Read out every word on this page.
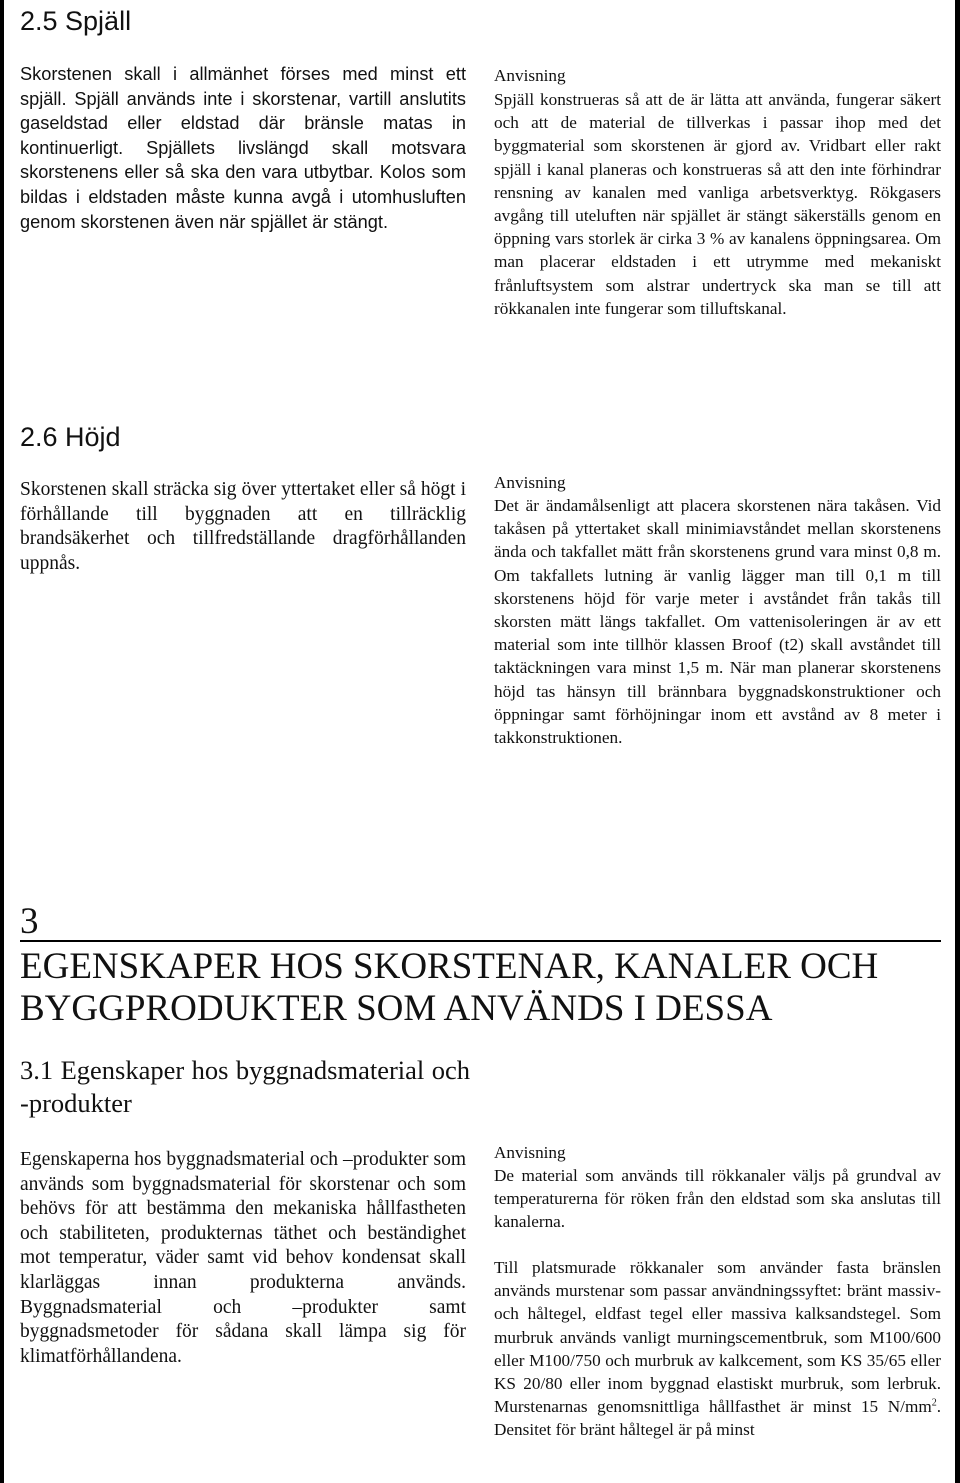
2.5 Spjäll

Skorstenen skall i allmänhet förses med minst ett spjäll. Spjäll används inte i skorstenar, vartill anslutits gaseldstad eller eldstad där bränsle matas in kontinuerligt. Spjällets livslängd skall motsvara skorstenens eller så ska den vara utbytbar. Kolos som bildas i eldstaden måste kunna avgå i utomhusluften genom skorstenen även när spjället är stängt.

Anvisning

Spjäll konstrueras så att de är lätta att använda, fungerar säkert och att de material de tillverkas i passar ihop med det byggmaterial som skorstenen är gjord av. Vridbart eller rakt spjäll i kanal planeras och konstrueras så att den inte förhindrar rensning av kanalen med vanliga arbetsverktyg. Rökgasers avgång till uteluften när spjället är stängt säkerställs genom en öppning vars storlek är cirka 3 % av kanalens öppningsarea. Om man placerar eldstaden i ett utrymme med mekaniskt frånluftsystem som alstrar undertryck ska man se till att rökkanalen inte fungerar som tilluftskanal.

2.6 Höjd

Skorstenen skall sträcka sig över yttertaket eller så högt i förhållande till byggnaden att en tillräcklig brandsäkerhet och tillfredställande dragförhållanden uppnås.

Anvisning

Det är ändamålsenligt att placera skorstenen nära takåsen. Vid takåsen på yttertaket skall minimiavståndet mellan skorstenens ända och takfallet mätt från skorstenens grund vara minst 0,8 m. Om takfallets lutning är vanlig lägger man till 0,1 m till skorstenens höjd för varje meter i avståndet från takås till skorsten mätt längs takfallet. Om vattenisoleringen är av ett material som inte tillhör klassen Broof (t2) skall avståndet till taktäckningen vara minst 1,5 m. När man planerar skorstenens höjd tas hänsyn till brännbara byggnadskonstruktioner och öppningar samt förhöjningar inom ett avstånd av 8 meter i takkonstruktionen.

3
EGENSKAPER HOS SKORSTENAR, KANALER OCH BYGGPRODUKTER SOM ANVÄNDS I DESSA
3.1 Egenskaper hos byggnadsmaterial och -produkter

Egenskaperna hos byggnadsmaterial och –produkter som används som byggnadsmaterial för skorstenar och som behövs för att bestämma den mekaniska hållfastheten och stabiliteten, produkternas täthet och beständighet mot temperatur, väder samt vid behov kondensat skall klarläggas innan produkterna används. Byggnadsmaterial och –produkter samt byggnadsmetoder för sådana skall lämpa sig för klimatförhållandena.

Anvisning

De material som används till rökkanaler väljs på grundval av temperaturerna för röken från den eldstad som ska anslutas till kanalerna.

Till platsmurade rökkanaler som använder fasta bränslen används murstenar som passar användningssyftet: bränt massiv- och håltegel, eldfast tegel eller massiva kalksandstegel. Som murbruk används vanligt murningscementbruk, som M100/600 eller M100/750 och murbruk av kalkcement, som KS 35/65 eller KS 20/80 eller inom byggnad elastiskt murbruk, som lerbruk. Murstenarnas genomsnittliga hållfasthet är minst 15 $N/mm^2$. Densitet för bränt håltegel är på minst
